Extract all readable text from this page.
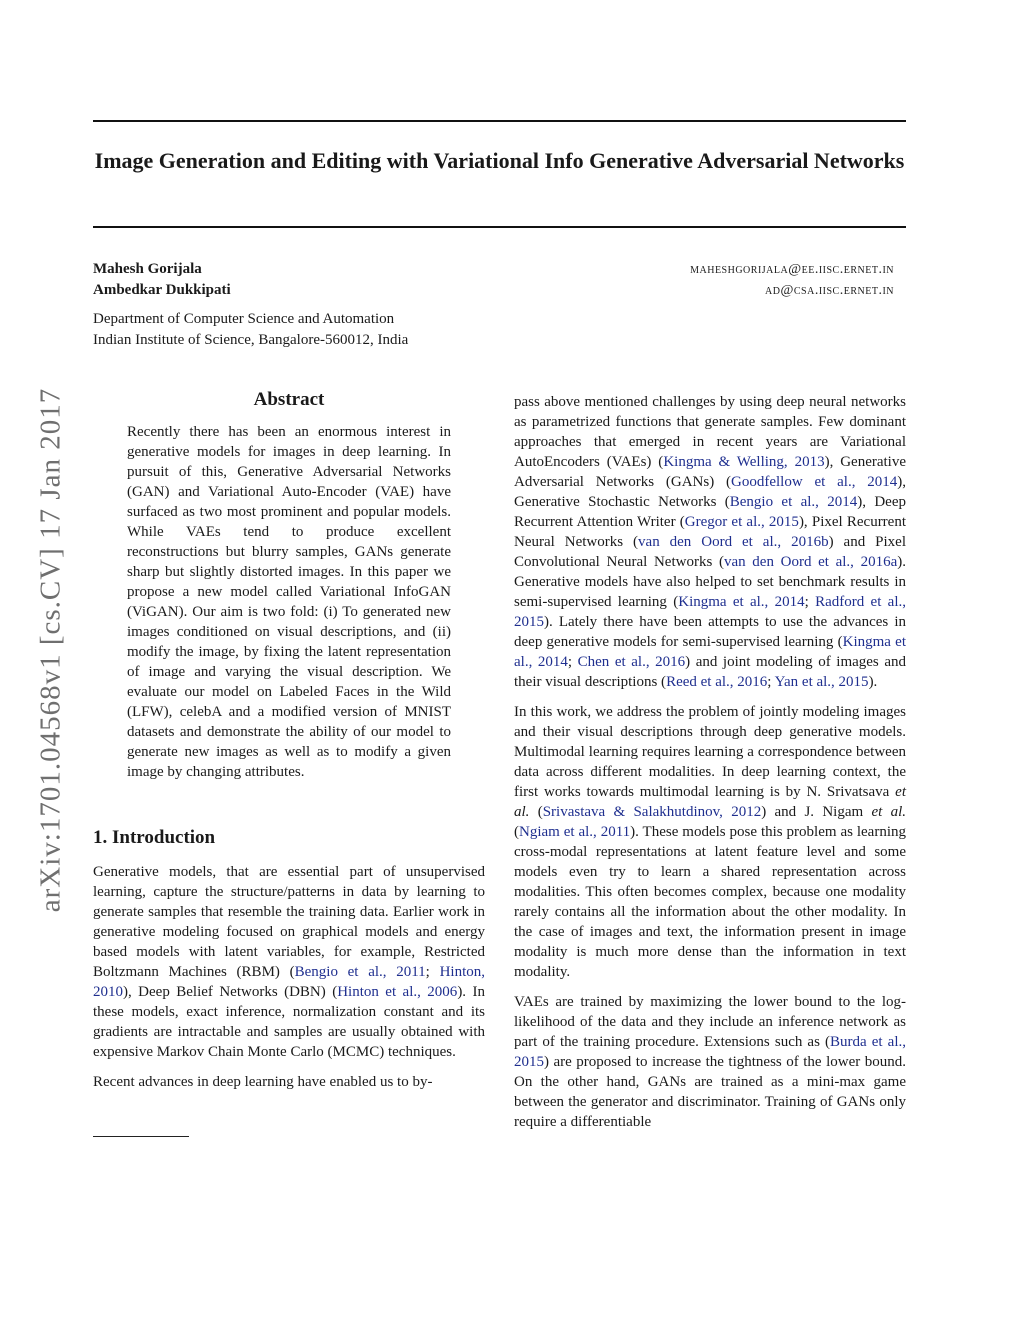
Image Generation and Editing with Variational Info Generative Adversarial Networks
Mahesh Gorijala	maheshgorijala@ee.iisc.ernet.in
Ambedkar Dukkipati	ad@csa.iisc.ernet.in
Department of Computer Science and Automation
Indian Institute of Science, Bangalore-560012, India
arXiv:1701.04568v1 [cs.CV] 17 Jan 2017	Abstract
Recently there has been an enormous interest in generative models for images in deep learning. In pursuit of this, Generative Adversarial Networks (GAN) and Variational Auto-Encoder (VAE) have surfaced as two most prominent and popular models. While VAEs tend to produce excellent reconstructions but blurry samples, GANs generate sharp but slightly distorted images. In this paper we propose a new model called Variational InfoGAN (ViGAN). Our aim is two fold: (i) To generated new images conditioned on visual descriptions, and (ii) modify the image, by fixing the latent representation of image and varying the visual description. We evaluate our model on Labeled Faces in the Wild (LFW), celebA and a modified version of MNIST datasets and demonstrate the ability of our model to generate new images as well as to modify a given image by changing attributes.
1. Introduction

Generative models, that are essential part of unsupervised learning, capture the structure/patterns in data by learning to generate samples that resemble the training data. Earlier work in generative modeling focused on graphical models and energy based models with latent variables, for example, Restricted Boltzmann Machines (RBM) (Bengio et al., 2011; Hinton, 2010), Deep Belief Networks (DBN) (Hinton et al., 2006). In these models, exact inference, normalization constant and its gradients are intractable and samples are usually obtained with expensive Markov Chain Monte Carlo (MCMC) techniques.

Recent advances in deep learning have enabled us to by-

pass above mentioned challenges by using deep neural networks as parametrized functions that generate samples. Few dominant approaches that emerged in recent years are Variational AutoEncoders (VAEs) (Kingma & Welling, 2013), Generative Adversarial Networks (GANs) (Goodfellow et al., 2014), Generative Stochastic Networks (Bengio et al., 2014), Deep Recurrent Attention Writer (Gregor et al., 2015), Pixel Recurrent Neural Networks (van den Oord et al., 2016b) and Pixel Convolutional Neural Networks (van den Oord et al., 2016a). Generative models have also helped to set benchmark results in semi-supervised learning (Kingma et al., 2014; Radford et al., 2015). Lately there have been attempts to use the advances in deep generative models for semi-supervised learning (Kingma et al., 2014; Chen et al., 2016) and joint modeling of images and their visual descriptions (Reed et al., 2016; Yan et al., 2015).

In this work, we address the problem of jointly modeling images and their visual descriptions through deep generative models. Multimodal learning requires learning a correspondence between data across different modalities. In deep learning context, the first works towards multimodal learning is by N. Srivatsava et al. (Srivastava & Salakhutdinov, 2012) and J. Nigam et al.(Ngiam et al., 2011). These models pose this problem as learning cross-modal representations at latent feature level and some models even try to learn a shared representation across modalities. This often becomes complex, because one modality rarely contains all the information about the other modality. In the case of images and text, the information present in image modality is much more dense than the information in text modality.

VAEs are trained by maximizing the lower bound to the log-likelihood of the data and they include an inference network as part of the training procedure. Extensions such as (Burda et al., 2015) are proposed to increase the tightness of the lower bound. On the other hand, GANs are trained as a mini-max game between the generator and discriminator. Training of GANs only require a differentiable
